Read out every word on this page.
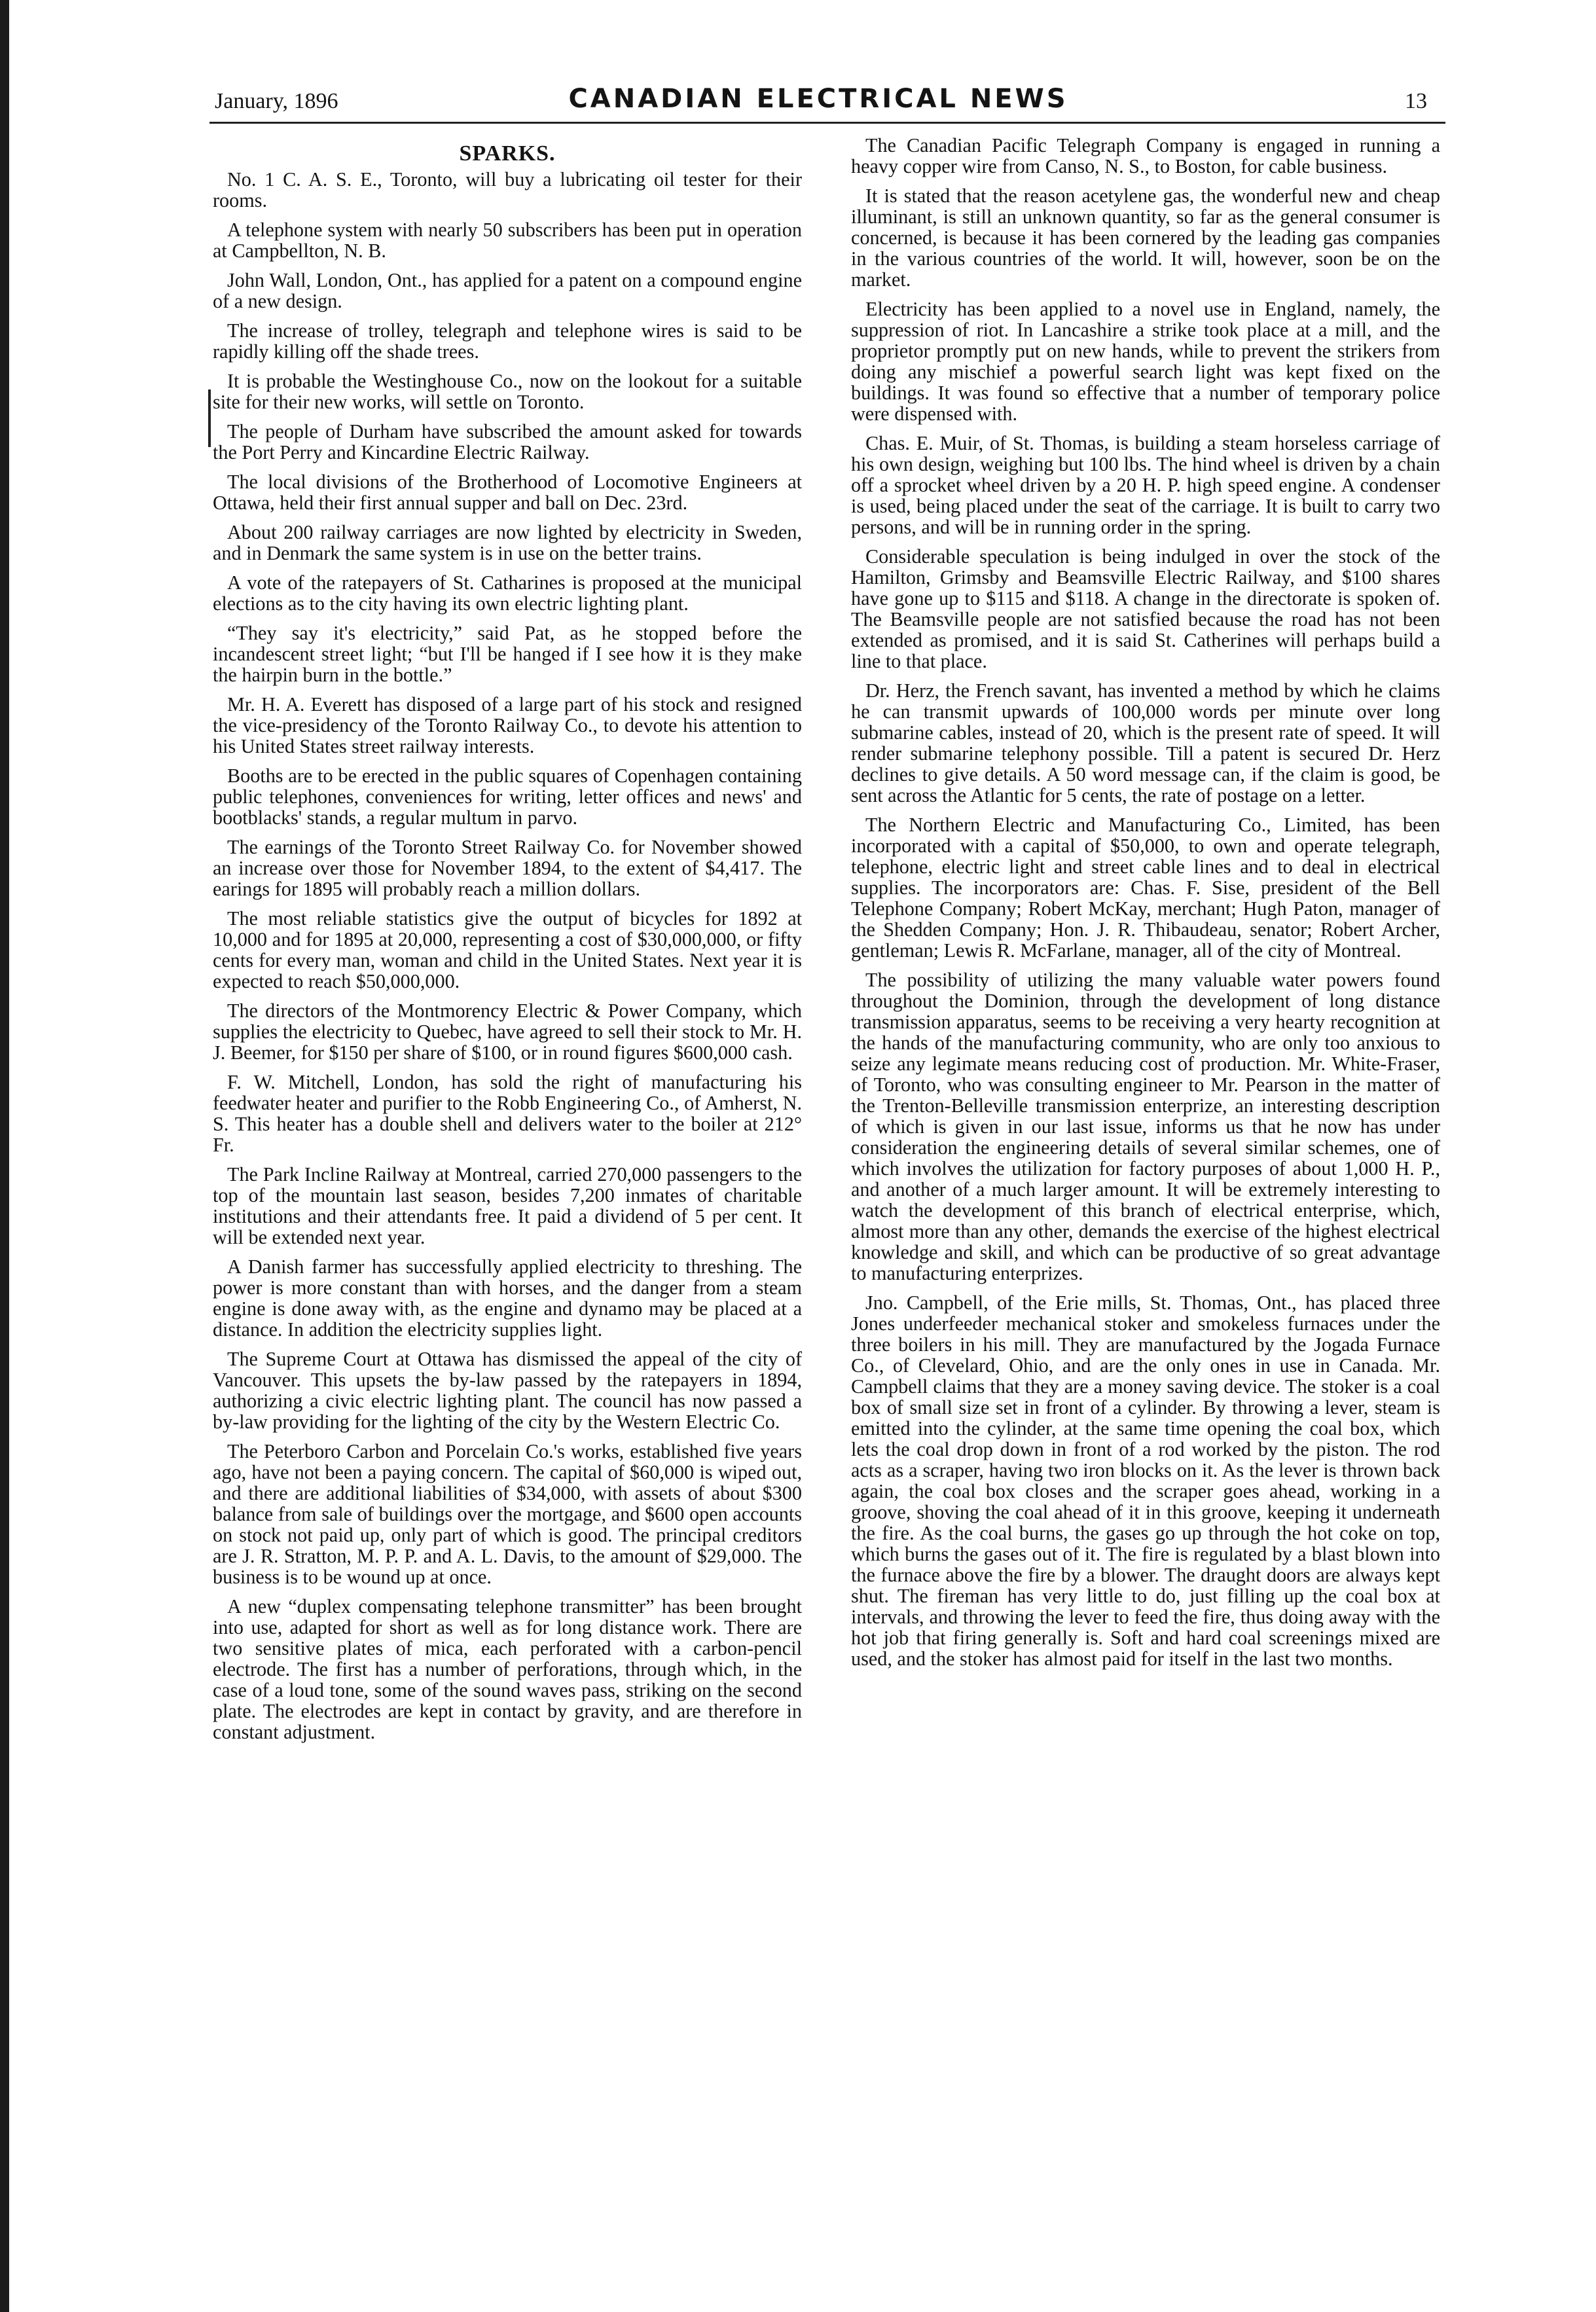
January, 1896	CANADIAN ELECTRICAL NEWS	13
SPARKS.

No. 1 C. A. S. E., Toronto, will buy a lubricating oil tester for their rooms.

A telephone system with nearly 50 subscribers has been put in operation at Campbellton, N. B.

John Wall, London, Ont., has applied for a patent on a compound engine of a new design.

The increase of trolley, telegraph and telephone wires is said to be rapidly killing off the shade trees.

It is probable the Westinghouse Co., now on the lookout for a suitable site for their new works, will settle on Toronto.

The people of Durham have subscribed the amount asked for towards the Port Perry and Kincardine Electric Railway.

The local divisions of the Brotherhood of Locomotive Engineers at Ottawa, held their first annual supper and ball on Dec. 23rd.

About 200 railway carriages are now lighted by electricity in Sweden, and in Denmark the same system is in use on the better trains.

A vote of the ratepayers of St. Catharines is proposed at the municipal elections as to the city having its own electric lighting plant.

“They say it's electricity,” said Pat, as he stopped before the incandescent street light; “but I'll be hanged if I see how it is they make the hairpin burn in the bottle.”

Mr. H. A. Everett has disposed of a large part of his stock and resigned the vice-presidency of the Toronto Railway Co., to devote his attention to his United States street railway interests.

Booths are to be erected in the public squares of Copenhagen containing public telephones, conveniences for writing, letter offices and news' and bootblacks' stands, a regular multum in parvo.

The earnings of the Toronto Street Railway Co. for November showed an increase over those for November 1894, to the extent of $4,417. The earings for 1895 will probably reach a million dollars.

The most reliable statistics give the output of bicycles for 1892 at 10,000 and for 1895 at 20,000, representing a cost of $30,000,000, or fifty cents for every man, woman and child in the United States. Next year it is expected to reach $50,000,000.

The directors of the Montmorency Electric & Power Company, which supplies the electricity to Quebec, have agreed to sell their stock to Mr. H. J. Beemer, for $150 per share of $100, or in round figures $600,000 cash.

F. W. Mitchell, London, has sold the right of manufacturing his feedwater heater and purifier to the Robb Engineering Co., of Amherst, N. S. This heater has a double shell and delivers water to the boiler at 212° Fr.

The Park Incline Railway at Montreal, carried 270,000 passengers to the top of the mountain last season, besides 7,200 inmates of charitable institutions and their attendants free. It paid a dividend of 5 per cent. It will be extended next year.

A Danish farmer has successfully applied electricity to threshing. The power is more constant than with horses, and the danger from a steam engine is done away with, as the engine and dynamo may be placed at a distance. In addition the electricity supplies light.

The Supreme Court at Ottawa has dismissed the appeal of the city of Vancouver. This upsets the by-law passed by the ratepayers in 1894, authorizing a civic electric lighting plant. The council has now passed a by-law providing for the lighting of the city by the Western Electric Co.

The Peterboro Carbon and Porcelain Co.'s works, established five years ago, have not been a paying concern. The capital of $60,000 is wiped out, and there are additional liabilities of $34,000, with assets of about $300 balance from sale of buildings over the mortgage, and $600 open accounts on stock not paid up, only part of which is good. The principal creditors are J. R. Stratton, M. P. P. and A. L. Davis, to the amount of $29,000. The business is to be wound up at once.

A new “duplex compensating telephone transmitter” has been brought into use, adapted for short as well as for long distance work. There are two sensitive plates of mica, each perforated with a carbon-pencil electrode. The first has a number of perforations, through which, in the case of a loud tone, some of the sound waves pass, striking on the second plate. The electrodes are kept in contact by gravity, and are therefore in constant adjustment.

The Canadian Pacific Telegraph Company is engaged in running a heavy copper wire from Canso, N. S., to Boston, for cable business.

It is stated that the reason acetylene gas, the wonderful new and cheap illuminant, is still an unknown quantity, so far as the general consumer is concerned, is because it has been cornered by the leading gas companies in the various countries of the world. It will, however, soon be on the market.

Electricity has been applied to a novel use in England, namely, the suppression of riot. In Lancashire a strike took place at a mill, and the proprietor promptly put on new hands, while to prevent the strikers from doing any mischief a powerful search light was kept fixed on the buildings. It was found so effective that a number of temporary police were dispensed with.

Chas. E. Muir, of St. Thomas, is building a steam horseless carriage of his own design, weighing but 100 lbs. The hind wheel is driven by a chain off a sprocket wheel driven by a 20 H. P. high speed engine. A condenser is used, being placed under the seat of the carriage. It is built to carry two persons, and will be in running order in the spring.

Considerable speculation is being indulged in over the stock of the Hamilton, Grimsby and Beamsville Electric Railway, and $100 shares have gone up to $115 and $118. A change in the directorate is spoken of. The Beamsville people are not satisfied because the road has not been extended as promised, and it is said St. Catherines will perhaps build a line to that place.

Dr. Herz, the French savant, has invented a method by which he claims he can transmit upwards of 100,000 words per minute over long submarine cables, instead of 20, which is the present rate of speed. It will render submarine telephony possible. Till a patent is secured Dr. Herz declines to give details. A 50 word message can, if the claim is good, be sent across the Atlantic for 5 cents, the rate of postage on a letter.

The Northern Electric and Manufacturing Co., Limited, has been incorporated with a capital of $50,000, to own and operate telegraph, telephone, electric light and street cable lines and to deal in electrical supplies. The incorporators are: Chas. F. Sise, president of the Bell Telephone Company; Robert McKay, merchant; Hugh Paton, manager of the Shedden Company; Hon. J. R. Thibaudeau, senator; Robert Archer, gentleman; Lewis R. McFarlane, manager, all of the city of Montreal.

The possibility of utilizing the many valuable water powers found throughout the Dominion, through the development of long distance transmission apparatus, seems to be receiving a very hearty recognition at the hands of the manufacturing community, who are only too anxious to seize any legimate means reducing cost of production. Mr. White-Fraser, of Toronto, who was consulting engineer to Mr. Pearson in the matter of the Trenton-Belleville transmission enterprize, an interesting description of which is given in our last issue, informs us that he now has under consideration the engineering details of several similar schemes, one of which involves the utilization for factory purposes of about 1,000 H. P., and another of a much larger amount. It will be extremely interesting to watch the development of this branch of electrical enterprise, which, almost more than any other, demands the exercise of the highest electrical knowledge and skill, and which can be productive of so great advantage to manufacturing enterprizes.

Jno. Campbell, of the Erie mills, St. Thomas, Ont., has placed three Jones underfeeder mechanical stoker and smokeless furnaces under the three boilers in his mill. They are manufactured by the Jogada Furnace Co., of Clevelard, Ohio, and are the only ones in use in Canada. Mr. Campbell claims that they are a money saving device. The stoker is a coal box of small size set in front of a cylinder. By throwing a lever, steam is emitted into the cylinder, at the same time opening the coal box, which lets the coal drop down in front of a rod worked by the piston. The rod acts as a scraper, having two iron blocks on it. As the lever is thrown back again, the coal box closes and the scraper goes ahead, working in a groove, shoving the coal ahead of it in this groove, keeping it underneath the fire. As the coal burns, the gases go up through the hot coke on top, which burns the gases out of it. The fire is regulated by a blast blown into the furnace above the fire by a blower. The draught doors are always kept shut. The fireman has very little to do, just filling up the coal box at intervals, and throwing the lever to feed the fire, thus doing away with the hot job that firing generally is. Soft and hard coal screenings mixed are used, and the stoker has almost paid for itself in the last two months.
